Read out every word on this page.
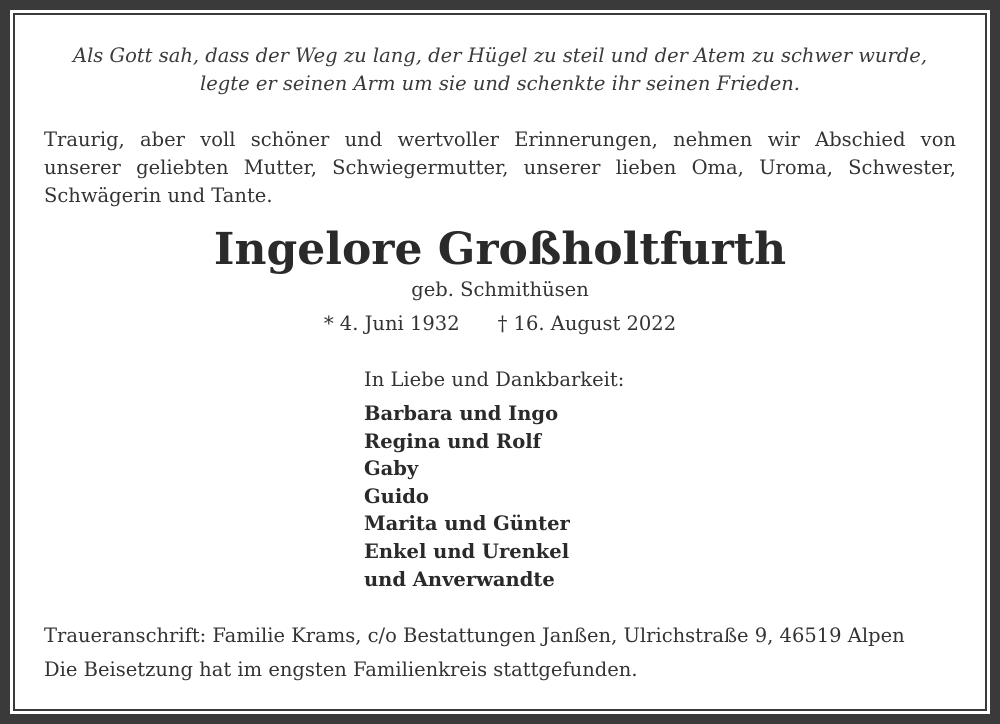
Als Gott sah, dass der Weg zu lang, der Hügel zu steil und der Atem zu schwer wurde,
legte er seinen Arm um sie und schenkte ihr seinen Frieden.
Traurig, aber voll schöner und wertvoller Erinnerungen, nehmen wir Abschied von
unserer geliebten Mutter, Schwiegermutter, unserer lieben Oma, Uroma, Schwester,
Schwägerin und Tante.
Ingelore Großholtfurth
geb. Schmithüsen
* 4. Juni 1932 † 16. August 2022
In Liebe und Dankbarkeit:
Barbara und Ingo
Regina und Rolf
Gaby
Guido
Marita und Günter
Enkel und Urenkel
und Anverwandte
Traueranschrift: Familie Krams, c/o Bestattungen Janßen, Ulrichstraße 9, 46519 Alpen
Die Beisetzung hat im engsten Familienkreis stattgefunden.
